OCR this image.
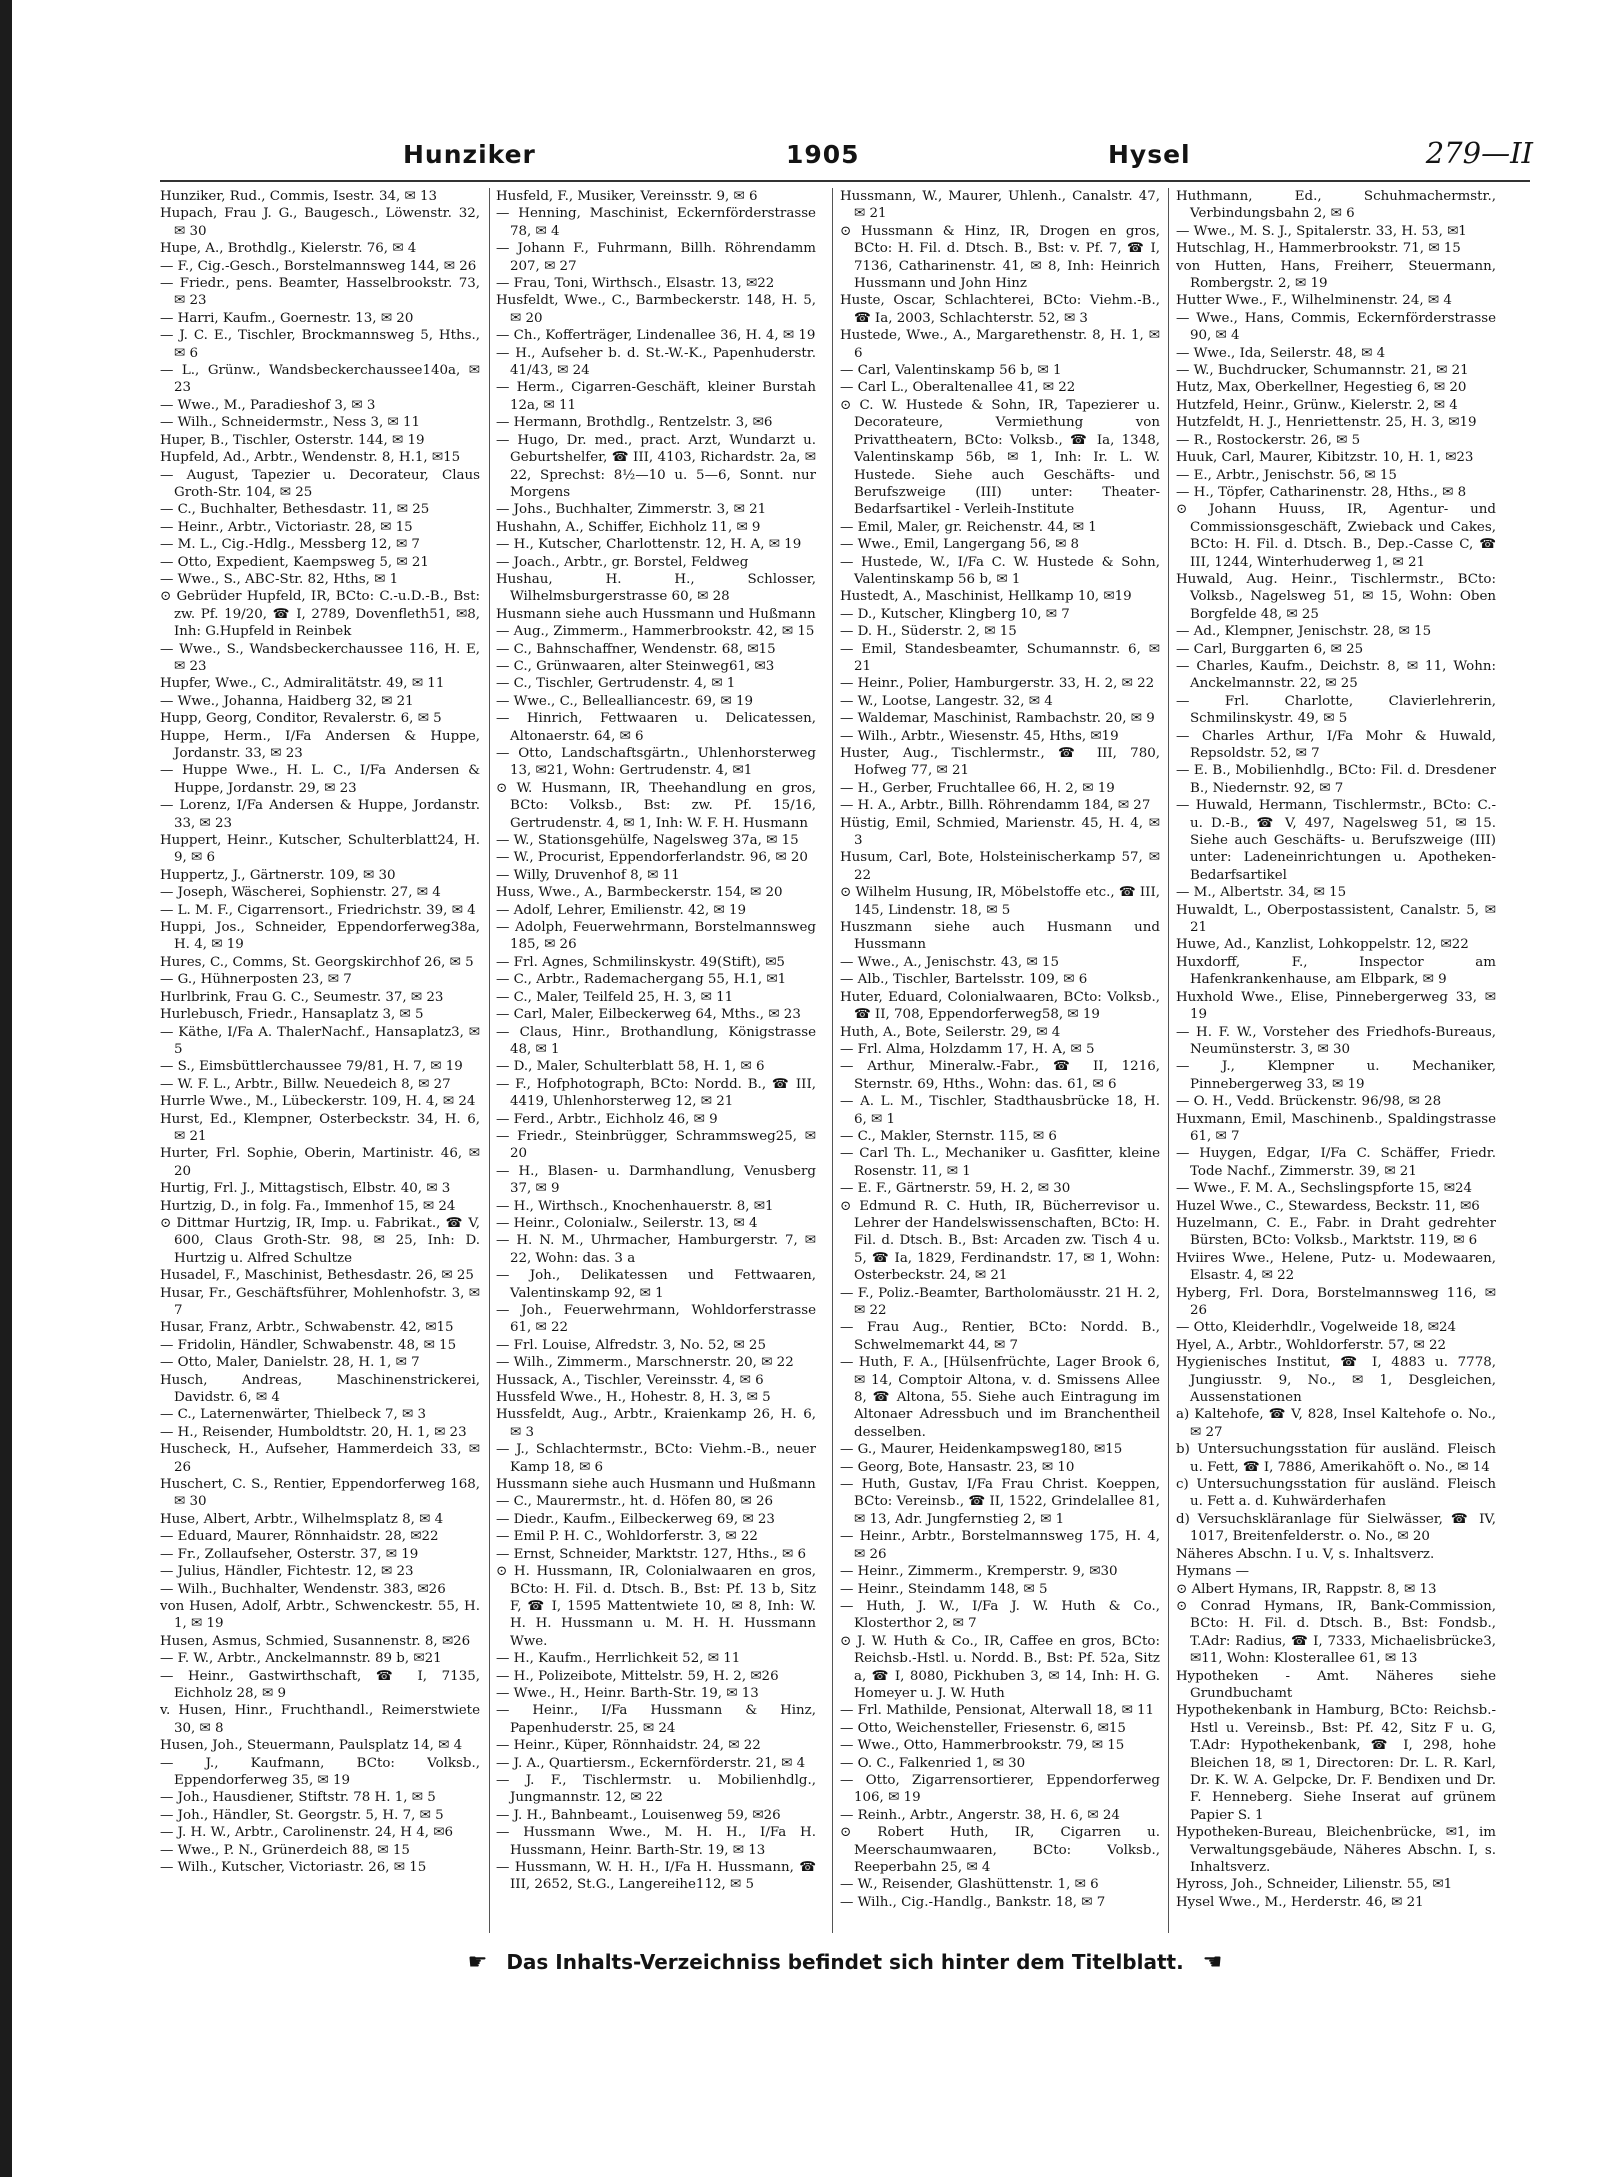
Hunziker	1905	Hysel	279—II

Hunziker, Rud., Commis, Isestr. 34, ✉ 13

Hupach, Frau J. G., Baugesch., Löwenstr. 32, ✉ 30

Hupe, A., Brothdlg., Kielerstr. 76, ✉ 4

— F., Cig.-Gesch., Borstelmannsweg 144, ✉ 26

— Friedr., pens. Beamter, Hasselbrookstr. 73, ✉ 23

— Harri, Kaufm., Goernestr. 13, ✉ 20

— J. C. E., Tischler, Brockmannsweg 5, Hths., ✉ 6

— L., Grünw., Wandsbeckerchaussee140a, ✉ 23

— Wwe., M., Paradieshof 3, ✉ 3

— Wilh., Schneidermstr., Ness 3, ✉ 11

Huper, B., Tischler, Osterstr. 144, ✉ 19

Hupfeld, Ad., Arbtr., Wendenstr. 8, H.1, ✉15

— August, Tapezier u. Decorateur, Claus Groth-Str. 104, ✉ 25

— C., Buchhalter, Bethesdastr. 11, ✉ 25

— Heinr., Arbtr., Victoriastr. 28, ✉ 15

— M. L., Cig.-Hdlg., Messberg 12, ✉ 7

— Otto, Expedient, Kaempsweg 5, ✉ 21

— Wwe., S., ABC-Str. 82, Hths, ✉ 1

⊙ Gebrüder Hupfeld, IR, BCto: C.-u.D.-B., Bst: zw. Pf. 19/20, ☎ I, 2789, Dovenfleth51, ✉8, Inh: G.Hupfeld in Reinbek

— Wwe., S., Wandsbeckerchaussee 116, H. E, ✉ 23

Hupfer, Wwe., C., Admiralitätstr. 49, ✉ 11

— Wwe., Johanna, Haidberg 32, ✉ 21

Hupp, Georg, Conditor, Revalerstr. 6, ✉ 5

Huppe, Herm., I/Fa Andersen & Huppe, Jordanstr. 33, ✉ 23

— Huppe Wwe., H. L. C., I/Fa Andersen & Huppe, Jordanstr. 29, ✉ 23

— Lorenz, I/Fa Andersen & Huppe, Jordanstr. 33, ✉ 23

Huppert, Heinr., Kutscher, Schulterblatt24, H. 9, ✉ 6

Huppertz, J., Gärtnerstr. 109, ✉ 30

— Joseph, Wäscherei, Sophienstr. 27, ✉ 4

— L. M. F., Cigarrensort., Friedrichstr. 39, ✉ 4

Huppi, Jos., Schneider, Eppendorferweg38a, H. 4, ✉ 19

Hures, C., Comms, St. Georgskirchhof 26, ✉ 5

— G., Hühnerposten 23, ✉ 7

Hurlbrink, Frau G. C., Seumestr. 37, ✉ 23

Hurlebusch, Friedr., Hansaplatz 3, ✉ 5

— Käthe, I/Fa A. ThalerNachf., Hansaplatz3, ✉ 5

— S., Eimsbüttlerchaussee 79/81, H. 7, ✉ 19

— W. F. L., Arbtr., Billw. Neuedeich 8, ✉ 27

Hurrle Wwe., M., Lübeckerstr. 109, H. 4, ✉ 24

Hurst, Ed., Klempner, Osterbeckstr. 34, H. 6, ✉ 21

Hurter, Frl. Sophie, Oberin, Martinistr. 46, ✉ 20

Hurtig, Frl. J., Mittagstisch, Elbstr. 40, ✉ 3

Hurtzig, D., in folg. Fa., Immenhof 15, ✉ 24

⊙ Dittmar Hurtzig, IR, Imp. u. Fabrikat., ☎ V, 600, Claus Groth-Str. 98, ✉ 25, Inh: D. Hurtzig u. Alfred Schultze

Husadel, F., Maschinist, Bethesdastr. 26, ✉ 25

Husar, Fr., Geschäftsführer, Mohlenhofstr. 3, ✉ 7

Husar, Franz, Arbtr., Schwabenstr. 42, ✉15

— Fridolin, Händler, Schwabenstr. 48, ✉ 15

— Otto, Maler, Danielstr. 28, H. 1, ✉ 7

Husch, Andreas, Maschinenstrickerei, Davidstr. 6, ✉ 4

— C., Laternenwärter, Thielbeck 7, ✉ 3

— H., Reisender, Humboldtstr. 20, H. 1, ✉ 23

Huscheck, H., Aufseher, Hammerdeich 33, ✉ 26

Huschert, C. S., Rentier, Eppendorferweg 168, ✉ 30

Huse, Albert, Arbtr., Wilhelmsplatz 8, ✉ 4

— Eduard, Maurer, Rönnhaidstr. 28, ✉22

— Fr., Zollaufseher, Osterstr. 37, ✉ 19

— Julius, Händler, Fichtestr. 12, ✉ 23

— Wilh., Buchhalter, Wendenstr. 383, ✉26

von Husen, Adolf, Arbtr., Schwenckestr. 55, H. 1, ✉ 19

Husen, Asmus, Schmied, Susannenstr. 8, ✉26

— F. W., Arbtr., Anckelmannstr. 89 b, ✉21

— Heinr., Gastwirthschaft, ☎ I, 7135, Eichholz 28, ✉ 9

v. Husen, Hinr., Fruchthandl., Reimerstwiete 30, ✉ 8

Husen, Joh., Steuermann, Paulsplatz 14, ✉ 4

— J., Kaufmann, BCto: Volksb., Eppendorferweg 35, ✉ 19

— Joh., Hausdiener, Stiftstr. 78 H. 1, ✉ 5

— Joh., Händler, St. Georgstr. 5, H. 7, ✉ 5

— J. H. W., Arbtr., Carolinenstr. 24, H 4, ✉6

— Wwe., P. N., Grünerdeich 88, ✉ 15

— Wilh., Kutscher, Victoriastr. 26, ✉ 15

Husfeld, F., Musiker, Vereinsstr. 9, ✉ 6

— Henning, Maschinist, Eckernförderstrasse 78, ✉ 4

— Johann F., Fuhrmann, Billh. Röhrendamm 207, ✉ 27

— Frau, Toni, Wirthsch., Elsastr. 13, ✉22

Husfeldt, Wwe., C., Barmbeckerstr. 148, H. 5, ✉ 20

— Ch., Kofferträger, Lindenallee 36, H. 4, ✉ 19

— H., Aufseher b. d. St.-W.-K., Papenhuderstr. 41/43, ✉ 24

— Herm., Cigarren-Geschäft, kleiner Burstah 12a, ✉ 11

— Hermann, Brothdlg., Rentzelstr. 3, ✉6

— Hugo, Dr. med., pract. Arzt, Wundarzt u. Geburtshelfer, ☎ III, 4103, Richardstr. 2a, ✉ 22, Sprechst: 8½—10 u. 5—6, Sonnt. nur Morgens

— Johs., Buchhalter, Zimmerstr. 3, ✉ 21

Hushahn, A., Schiffer, Eichholz 11, ✉ 9

— H., Kutscher, Charlottenstr. 12, H. A, ✉ 19

— Joach., Arbtr., gr. Borstel, Feldweg

Hushau, H. H., Schlosser, Wilhelmsburgerstrasse 60, ✉ 28

Husmann siehe auch Hussmann und Hußmann

— Aug., Zimmerm., Hammerbrookstr. 42, ✉ 15

— C., Bahnschaffner, Wendenstr. 68, ✉15

— C., Grünwaaren, alter Steinweg61, ✉3

— C., Tischler, Gertrudenstr. 4, ✉ 1

— Wwe., C., Bellealliancestr. 69, ✉ 19

— Hinrich, Fettwaaren u. Delicatessen, Altonaerstr. 64, ✉ 6

— Otto, Landschaftsgärtn., Uhlenhorsterweg 13, ✉21, Wohn: Gertrudenstr. 4, ✉1

⊙ W. Husmann, IR, Theehandlung en gros, BCto: Volksb., Bst: zw. Pf. 15/16, Gertrudenstr. 4, ✉ 1, Inh: W. F. H. Husmann

— W., Stationsgehülfe, Nagelsweg 37a, ✉ 15

— W., Procurist, Eppendorferlandstr. 96, ✉ 20

— Willy, Druvenhof 8, ✉ 11

Huss, Wwe., A., Barmbeckerstr. 154, ✉ 20

— Adolf, Lehrer, Emilienstr. 42, ✉ 19

— Adolph, Feuerwehrmann, Borstelmannsweg 185, ✉ 26

— Frl. Agnes, Schmilinskystr. 49(Stift), ✉5

— C., Arbtr., Rademachergang 55, H.1, ✉1

— C., Maler, Teilfeld 25, H. 3, ✉ 11

— Carl, Maler, Eilbeckerweg 64, Mths., ✉ 23

— Claus, Hinr., Brothandlung, Königstrasse 48, ✉ 1

— D., Maler, Schulterblatt 58, H. 1, ✉ 6

— F., Hofphotograph, BCto: Nordd. B., ☎ III, 4419, Uhlenhorsterweg 12, ✉ 21

— Ferd., Arbtr., Eichholz 46, ✉ 9

— Friedr., Steinbrügger, Schrammsweg25, ✉ 20

— H., Blasen- u. Darmhandlung, Venusberg 37, ✉ 9

— H., Wirthsch., Knochenhauerstr. 8, ✉1

— Heinr., Colonialw., Seilerstr. 13, ✉ 4

— H. N. M., Uhrmacher, Hamburgerstr. 7, ✉ 22, Wohn: das. 3 a

— Joh., Delikatessen und Fettwaaren, Valentinskamp 92, ✉ 1

— Joh., Feuerwehrmann, Wohldorferstrasse 61, ✉ 22

— Frl. Louise, Alfredstr. 3, No. 52, ✉ 25

— Wilh., Zimmerm., Marschnerstr. 20, ✉ 22

Hussack, A., Tischler, Vereinsstr. 4, ✉ 6

Hussfeld Wwe., H., Hohestr. 8, H. 3, ✉ 5

Hussfeldt, Aug., Arbtr., Kraienkamp 26, H. 6, ✉ 3

— J., Schlachtermstr., BCto: Viehm.-B., neuer Kamp 18, ✉ 6

Hussmann siehe auch Husmann und Hußmann

— C., Maurermstr., ht. d. Höfen 80, ✉ 26

— Diedr., Kaufm., Eilbeckerweg 69, ✉ 23

— Emil P. H. C., Wohldorferstr. 3, ✉ 22

— Ernst, Schneider, Marktstr. 127, Hths., ✉ 6

⊙ H. Hussmann, IR, Colonialwaaren en gros, BCto: H. Fil. d. Dtsch. B., Bst: Pf. 13 b, Sitz F, ☎ I, 1595 Mattentwiete 10, ✉ 8, Inh: W. H. H. Hussmann u. M. H. H. Hussmann Wwe.

— H., Kaufm., Herrlichkeit 52, ✉ 11

— H., Polizeibote, Mittelstr. 59, H. 2, ✉26

— Wwe., H., Heinr. Barth-Str. 19, ✉ 13

— Heinr., I/Fa Hussmann & Hinz, Papenhuderstr. 25, ✉ 24

— Heinr., Küper, Rönnhaidstr. 24, ✉ 22

— J. A., Quartiersm., Eckernförderstr. 21, ✉ 4

— J. F., Tischlermstr. u. Mobilienhdlg., Jungmannstr. 12, ✉ 22

— J. H., Bahnbeamt., Louisenweg 59, ✉26

— Hussmann Wwe., M. H. H., I/Fa H. Hussmann, Heinr. Barth-Str. 19, ✉ 13

— Hussmann, W. H. H., I/Fa H. Hussmann, ☎ III, 2652, St.G., Langereihe112, ✉ 5

Hussmann, W., Maurer, Uhlenh., Canalstr. 47, ✉ 21

⊙ Hussmann & Hinz, IR, Drogen en gros, BCto: H. Fil. d. Dtsch. B., Bst: v. Pf. 7, ☎ I, 7136, Catharinenstr. 41, ✉ 8, Inh: Heinrich Hussmann und John Hinz

Huste, Oscar, Schlachterei, BCto: Viehm.-B., ☎ Ia, 2003, Schlachterstr. 52, ✉ 3

Hustede, Wwe., A., Margarethenstr. 8, H. 1, ✉ 6

— Carl, Valentinskamp 56 b, ✉ 1

— Carl L., Oberaltenallee 41, ✉ 22

⊙ C. W. Hustede & Sohn, IR, Tapezierer u. Decorateure, Vermiethung von Privattheatern, BCto: Volksb., ☎ Ia, 1348, Valentinskamp 56b, ✉ 1, Inh: Ir. L. W. Hustede. Siehe auch Geschäfts- und Berufszweige (III) unter: Theater-Bedarfsartikel - Verleih-Institute

— Emil, Maler, gr. Reichenstr. 44, ✉ 1

— Wwe., Emil, Langergang 56, ✉ 8

— Hustede, W., I/Fa C. W. Hustede & Sohn, Valentinskamp 56 b, ✉ 1

Hustedt, A., Maschinist, Hellkamp 10, ✉19

— D., Kutscher, Klingberg 10, ✉ 7

— D. H., Süderstr. 2, ✉ 15

— Emil, Standesbeamter, Schumannstr. 6, ✉ 21

— Heinr., Polier, Hamburgerstr. 33, H. 2, ✉ 22

— W., Lootse, Langestr. 32, ✉ 4

— Waldemar, Maschinist, Rambachstr. 20, ✉ 9

— Wilh., Arbtr., Wiesenstr. 45, Hths, ✉19

Huster, Aug., Tischlermstr., ☎ III, 780, Hofweg 77, ✉ 21

— H., Gerber, Fruchtallee 66, H. 2, ✉ 19

— H. A., Arbtr., Billh. Röhrendamm 184, ✉ 27

Hüstig, Emil, Schmied, Marienstr. 45, H. 4, ✉ 3

Husum, Carl, Bote, Holsteinischerkamp 57, ✉ 22

⊙ Wilhelm Husung, IR, Möbelstoffe etc., ☎ III, 145, Lindenstr. 18, ✉ 5

Huszmann siehe auch Husmann und Hussmann

— Wwe., A., Jenischstr. 43, ✉ 15

— Alb., Tischler, Bartelsstr. 109, ✉ 6

Huter, Eduard, Colonialwaaren, BCto: Volksb., ☎ II, 708, Eppendorferweg58, ✉ 19

Huth, A., Bote, Seilerstr. 29, ✉ 4

— Frl. Alma, Holzdamm 17, H. A, ✉ 5

— Arthur, Mineralw.-Fabr., ☎ II, 1216, Sternstr. 69, Hths., Wohn: das. 61, ✉ 6

— A. L. M., Tischler, Stadthausbrücke 18, H. 6, ✉ 1

— C., Makler, Sternstr. 115, ✉ 6

— Carl Th. L., Mechaniker u. Gasfitter, kleine Rosenstr. 11, ✉ 1

— E. F., Gärtnerstr. 59, H. 2, ✉ 30

⊙ Edmund R. C. Huth, IR, Bücherrevisor u. Lehrer der Handelswissenschaften, BCto: H. Fil. d. Dtsch. B., Bst: Arcaden zw. Tisch 4 u. 5, ☎ Ia, 1829, Ferdinandstr. 17, ✉ 1, Wohn: Osterbeckstr. 24, ✉ 21

— F., Poliz.-Beamter, Bartholomäusstr. 21 H. 2, ✉ 22

— Frau Aug., Rentier, BCto: Nordd. B., Schwelmemarkt 44, ✉ 7

— Huth, F. A., [Hülsenfrüchte, Lager Brook 6, ✉ 14, Comptoir Altona, v. d. Smissens Allee 8, ☎ Altona, 55. Siehe auch Eintragung im Altonaer Adressbuch und im Branchentheil desselben.

— G., Maurer, Heidenkampsweg180, ✉15

— Georg, Bote, Hansastr. 23, ✉ 10

— Huth, Gustav, I/Fa Frau Christ. Koeppen, BCto: Vereinsb., ☎ II, 1522, Grindelallee 81, ✉ 13, Adr. Jungfernstieg 2, ✉ 1

— Heinr., Arbtr., Borstelmannsweg 175, H. 4, ✉ 26

— Heinr., Zimmerm., Kremperstr. 9, ✉30

— Heinr., Steindamm 148, ✉ 5

— Huth, J. W., I/Fa J. W. Huth & Co., Klosterthor 2, ✉ 7

⊙ J. W. Huth & Co., IR, Caffee en gros, BCto: Reichsb.-Hstl. u. Nordd. B., Bst: Pf. 52a, Sitz a, ☎ I, 8080, Pickhuben 3, ✉ 14, Inh: H. G. Homeyer u. J. W. Huth

— Frl. Mathilde, Pensionat, Alterwall 18, ✉ 11

— Otto, Weichensteller, Friesenstr. 6, ✉15

— Wwe., Otto, Hammerbrookstr. 79, ✉ 15

— O. C., Falkenried 1, ✉ 30

— Otto, Zigarrensortierer, Eppendorferweg 106, ✉ 19

— Reinh., Arbtr., Angerstr. 38, H. 6, ✉ 24

⊙ Robert Huth, IR, Cigarren u. Meerschaumwaaren, BCto: Volksb., Reeperbahn 25, ✉ 4

— W., Reisender, Glashüttenstr. 1, ✉ 6

— Wilh., Cig.-Handlg., Bankstr. 18, ✉ 7

Huthmann, Ed., Schuhmachermstr., Verbindungsbahn 2, ✉ 6

— Wwe., M. S. J., Spitalerstr. 33, H. 53, ✉1

Hutschlag, H., Hammerbrookstr. 71, ✉ 15

von Hutten, Hans, Freiherr, Steuermann, Rombergstr. 2, ✉ 19

Hutter Wwe., F., Wilhelminenstr. 24, ✉ 4

— Wwe., Hans, Commis, Eckernförderstrasse 90, ✉ 4

— Wwe., Ida, Seilerstr. 48, ✉ 4

— W., Buchdrucker, Schumannstr. 21, ✉ 21

Hutz, Max, Oberkellner, Hegestieg 6, ✉ 20

Hutzfeld, Heinr., Grünw., Kielerstr. 2, ✉ 4

Hutzfeldt, H. J., Henriettenstr. 25, H. 3, ✉19

— R., Rostockerstr. 26, ✉ 5

Huuk, Carl, Maurer, Kibitzstr. 10, H. 1, ✉23

— E., Arbtr., Jenischstr. 56, ✉ 15

— H., Töpfer, Catharinenstr. 28, Hths., ✉ 8

⊙ Johann Huuss, IR, Agentur- und Commissionsgeschäft, Zwieback und Cakes, BCto: H. Fil. d. Dtsch. B., Dep.-Casse C, ☎ III, 1244, Winterhuderweg 1, ✉ 21

Huwald, Aug. Heinr., Tischlermstr., BCto: Volksb., Nagelsweg 51, ✉ 15, Wohn: Oben Borgfelde 48, ✉ 25

— Ad., Klempner, Jenischstr. 28, ✉ 15

— Carl, Burggarten 6, ✉ 25

— Charles, Kaufm., Deichstr. 8, ✉ 11, Wohn: Anckelmannstr. 22, ✉ 25

— Frl. Charlotte, Clavierlehrerin, Schmilinskystr. 49, ✉ 5

— Charles Arthur, I/Fa Mohr & Huwald, Repsoldstr. 52, ✉ 7

— E. B., Mobilienhdlg., BCto: Fil. d. Dresdener B., Niedernstr. 92, ✉ 7

— Huwald, Hermann, Tischlermstr., BCto: C.- u. D.-B., ☎ V, 497, Nagelsweg 51, ✉ 15. Siehe auch Geschäfts- u. Berufszweige (III) unter: Ladeneinrichtungen u. Apotheken-Bedarfsartikel

— M., Albertstr. 34, ✉ 15

Huwaldt, L., Oberpostassistent, Canalstr. 5, ✉ 21

Huwe, Ad., Kanzlist, Lohkoppelstr. 12, ✉22

Huxdorff, F., Inspector am Hafenkrankenhause, am Elbpark, ✉ 9

Huxhold Wwe., Elise, Pinnebergerweg 33, ✉ 19

— H. F. W., Vorsteher des Friedhofs-Bureaus, Neumünsterstr. 3, ✉ 30

— J., Klempner u. Mechaniker, Pinnebergerweg 33, ✉ 19

— O. H., Vedd. Brückenstr. 96/98, ✉ 28

Huxmann, Emil, Maschinenb., Spaldingstrasse 61, ✉ 7

— Huygen, Edgar, I/Fa C. Schäffer, Friedr. Tode Nachf., Zimmerstr. 39, ✉ 21

— Wwe., F. M. A., Sechslingspforte 15, ✉24

Huzel Wwe., C., Stewardess, Beckstr. 11, ✉6

Huzelmann, C. E., Fabr. in Draht gedrehter Bürsten, BCto: Volksb., Marktstr. 119, ✉ 6

Hviires Wwe., Helene, Putz- u. Modewaaren, Elsastr. 4, ✉ 22

Hyberg, Frl. Dora, Borstelmannsweg 116, ✉ 26

— Otto, Kleiderhdlr., Vogelweide 18, ✉24

Hyel, A., Arbtr., Wohldorferstr. 57, ✉ 22

Hygienisches Institut, ☎ I, 4883 u. 7778, Jungiusstr. 9, No., ✉ 1, Desgleichen, Aussenstationen

a) Kaltehofe, ☎ V, 828, Insel Kaltehofe o. No., ✉ 27

b) Untersuchungsstation für ausländ. Fleisch u. Fett, ☎ I, 7886, Amerikahöft o. No., ✉ 14

c) Untersuchungsstation für ausländ. Fleisch u. Fett a. d. Kuhwärderhafen

d) Versuchskläranlage für Sielwässer, ☎ IV, 1017, Breitenfelderstr. o. No., ✉ 20

Näheres Abschn. I u. V, s. Inhaltsverz.

Hymans —

⊙ Albert Hymans, IR, Rappstr. 8, ✉ 13

⊙ Conrad Hymans, IR, Bank-Commission, BCto: H. Fil. d. Dtsch. B., Bst: Fondsb., T.Adr: Radius, ☎ I, 7333, Michaelisbrücke3, ✉11, Wohn: Klosterallee 61, ✉ 13

Hypotheken - Amt. Näheres siehe Grundbuchamt

Hypothekenbank in Hamburg, BCto: Reichsb.-Hstl u. Vereinsb., Bst: Pf. 42, Sitz F u. G, T.Adr: Hypothekenbank, ☎ I, 298, hohe Bleichen 18, ✉ 1, Directoren: Dr. L. R. Karl, Dr. K. W. A. Gelpcke, Dr. F. Bendixen und Dr. F. Henneberg. Siehe Inserat auf grünem Papier S. 1

Hypotheken-Bureau, Bleichenbrücke, ✉1, im Verwaltungsgebäude, Näheres Abschn. I, s. Inhaltsverz.

Hyross, Joh., Schneider, Lilienstr. 55, ✉1

Hysel Wwe., M., Herderstr. 46, ✉ 21

☛ Das Inhalts-Verzeichniss befindet sich hinter dem Titelblatt. ☚
